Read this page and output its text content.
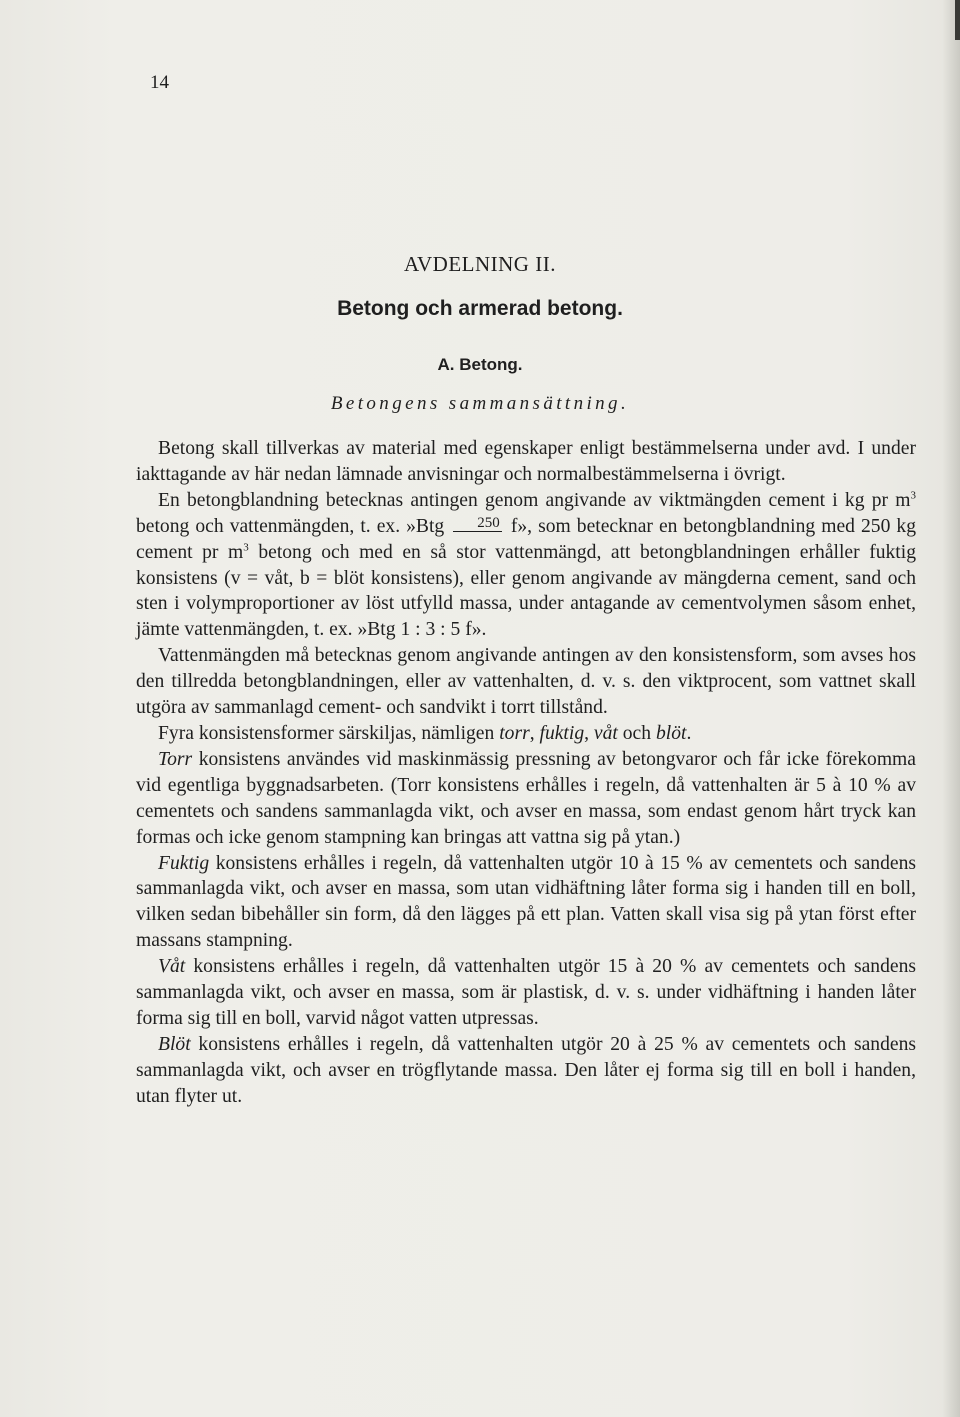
14
AVDELNING II.
Betong och armerad betong.
A. Betong.
Betongens sammansättning.

Betong skall tillverkas av material med egenskaper enligt bestämmelserna under avd. I under iakttagande av här nedan lämnade anvisningar och normalbestämmelserna i övrigt.

En betongblandning betecknas antingen genom angivande av viktmängden cement i kg pr $m^3$ betong och vattenmängden, t. ex. »Btg	250 f», som betecknar en betongblandning med 250 kg cement pr $m^3$ betong och med en så stor vattenmängd, att betongblandningen erhåller fuktig konsistens (v = våt, b = blöt konsistens), eller genom angivande av mängderna cement, sand och sten i volymproportioner av löst utfylld massa, under antagande av cementvolymen såsom enhet, jämte vattenmängden, t. ex. »Btg 1 : 3 : 5 f».

Vattenmängden må betecknas genom angivande antingen av den konsistensform, som avses hos den tillredda betongblandningen, eller av vattenhalten, d. v. s. den viktprocent, som vattnet skall utgöra av sammanlagd cement- och sandvikt i torrt tillstånd.

Fyra konsistensformer särskiljas, nämligen torr, fuktig, våt och blöt.

Torr konsistens användes vid maskinmässig pressning av betongvaror och får icke förekomma vid egentliga byggnadsarbeten. (Torr konsistens erhålles i regeln, då vattenhalten är 5 à 10 % av cementets och sandens sammanlagda vikt, och avser en massa, som endast genom hårt tryck kan formas och icke genom stampning kan bringas att vattna sig på ytan.)

Fuktig konsistens erhålles i regeln, då vattenhalten utgör 10 à 15 % av cementets och sandens sammanlagda vikt, och avser en massa, som utan vidhäftning låter forma sig i handen till en boll, vilken sedan bibehåller sin form, då den lägges på ett plan. Vatten skall visa sig på ytan först efter massans stampning.

Våt konsistens erhålles i regeln, då vattenhalten utgör 15 à 20 % av cementets och sandens sammanlagda vikt, och avser en massa, som är plastisk, d. v. s. under vidhäftning i handen låter forma sig till en boll, varvid något vatten utpressas.

Blöt konsistens erhålles i regeln, då vattenhalten utgör 20 à 25 % av cementets och sandens sammanlagda vikt, och avser en trögflytande massa. Den låter ej forma sig till en boll i handen, utan flyter ut.
